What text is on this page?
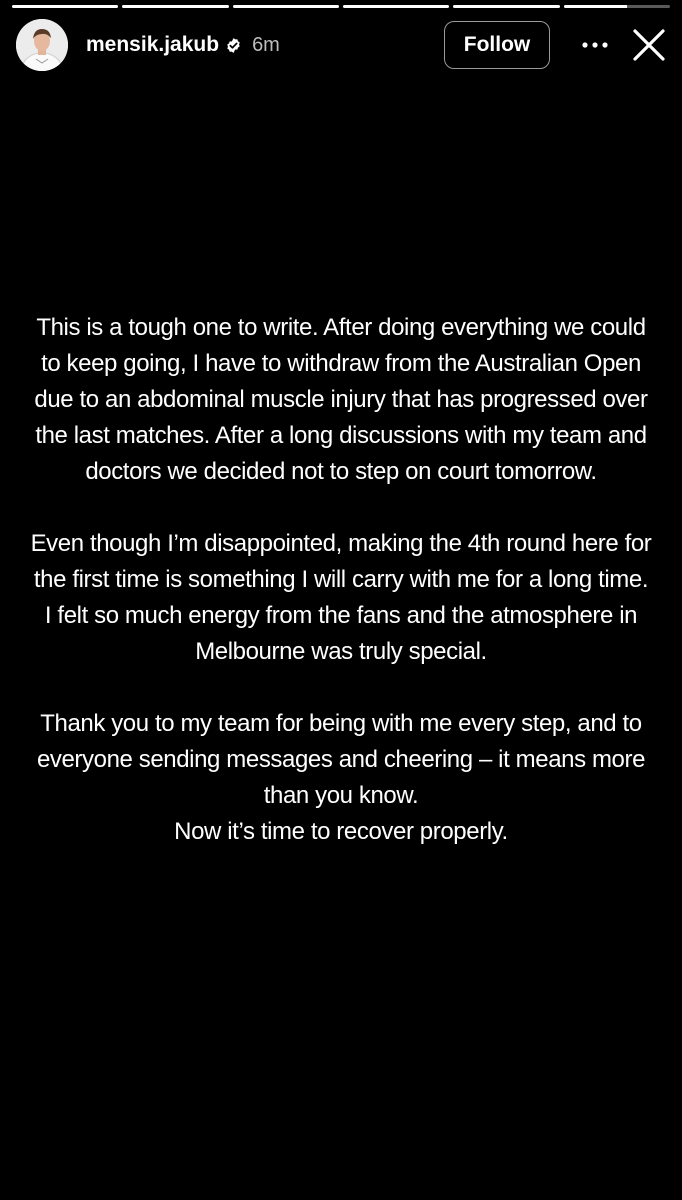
mensik.jakub 6m	Follow

This is a tough one to write. After doing everything we could to keep going, I have to withdraw from the Australian Open due to an abdominal muscle injury that has progressed over the last matches. After a long discussions with my team and doctors we decided not to step on court tomorrow.

Even though I’m disappointed, making the 4th round here for the first time is something I will carry with me for a long time. I felt so much energy from the fans and the atmosphere in Melbourne was truly special.

Thank you to my team for being with me every step, and to everyone sending messages and cheering – it means more than you know.

Now it’s time to recover properly.
